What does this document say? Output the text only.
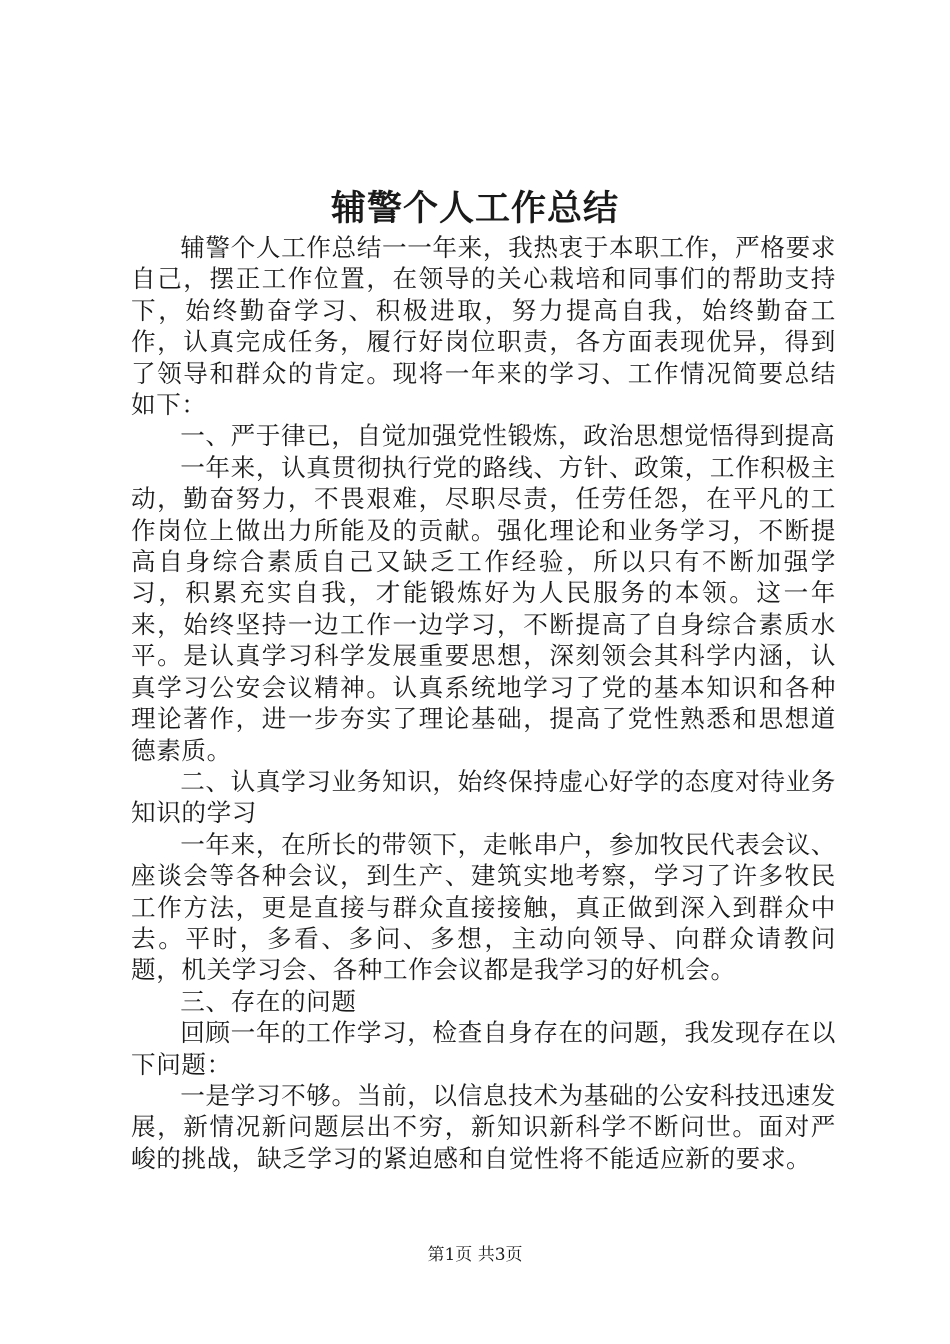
辅警个人工作总结

辅警个人工作总结一一年来，我热衷于本职工作，严格要求自己，摆正工作位置，在领导的关心栽培和同事们的帮助支持下，始终勤奋学习、积极进取，努力提高自我，始终勤奋工作，认真完成任务，履行好岗位职责，各方面表现优异，得到了领导和群众的肯定。现将一年来的学习、工作情况简要总结如下：

一、严于律已，自觉加强党性锻炼，政治思想觉悟得到提高

一年来，认真贯彻执行党的路线、方针、政策，工作积极主动，勤奋努力，不畏艰难，尽职尽责，任劳任怨，在平凡的工作岗位上做出力所能及的贡献。强化理论和业务学习，不断提高自身综合素质自己又缺乏工作经验，所以只有不断加强学习，积累充实自我，才能锻炼好为人民服务的本领。这一年来，始终坚持一边工作一边学习，不断提高了自身综合素质水平。是认真学习科学发展重要思想，深刻领会其科学内涵，认真学习公安会议精神。认真系统地学习了党的基本知识和各种理论著作，进一步夯实了理论基础，提高了党性熟悉和思想道德素质。

二、认真学习业务知识，始终保持虚心好学的态度对待业务知识的学习

一年来，在所长的带领下，走帐串户，参加牧民代表会议、座谈会等各种会议，到生产、建筑实地考察，学习了许多牧民工作方法，更是直接与群众直接接触，真正做到深入到群众中去。平时，多看、多问、多想，主动向领导、向群众请教问题，机关学习会、各种工作会议都是我学习的好机会。

三、存在的问题

回顾一年的工作学习，检查自身存在的问题，我发现存在以下问题：

一是学习不够。当前，以信息技术为基础的公安科技迅速发展，新情况新问题层出不穷，新知识新科学不断问世。面对严峻的挑战，缺乏学习的紧迫感和自觉性将不能适应新的要求。

第1页 共3页
